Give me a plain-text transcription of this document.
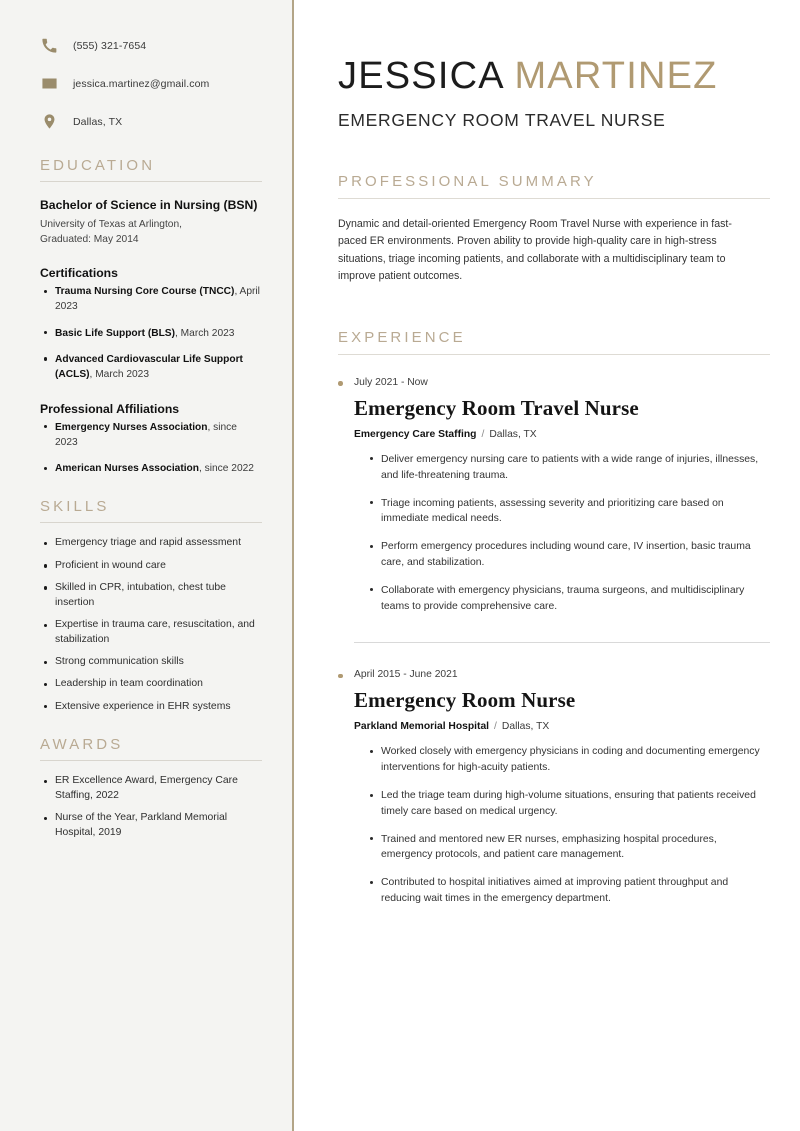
(555) 321-7654
jessica.martinez@gmail.com
Dallas, TX
EDUCATION

Bachelor of Science in Nursing (BSN)

University of Texas at Arlington,
Graduated: May 2014

Certifications
Trauma Nursing Core Course (TNCC), April 2023
Basic Life Support (BLS), March 2023
Advanced Cardiovascular Life Support (ACLS), March 2023
Professional Affiliations
Emergency Nurses Association, since 2023
American Nurses Association, since 2022
SKILLS
Emergency triage and rapid assessment
Proficient in wound care
Skilled in CPR, intubation, chest tube insertion
Expertise in trauma care, resuscitation, and stabilization
Strong communication skills
Leadership in team coordination
Extensive experience in EHR systems
AWARDS
ER Excellence Award, Emergency Care Staffing, 2022
Nurse of the Year, Parkland Memorial Hospital, 2019
JESSICA MARTINEZ

EMERGENCY ROOM TRAVEL NURSE

PROFESSIONAL SUMMARY

Dynamic and detail-oriented Emergency Room Travel Nurse with experience in fast-paced ER environments. Proven ability to provide high-quality care in high-stress situations, triage incoming patients, and collaborate with a multidisciplinary team to improve patient outcomes.

EXPERIENCE

July 2021 - Now

Emergency Room Travel Nurse

Emergency Care Staffing / Dallas, TX

Deliver emergency nursing care to patients with a wide range of injuries, illnesses, and life-threatening trauma.
Triage incoming patients, assessing severity and prioritizing care based on immediate medical needs.
Perform emergency procedures including wound care, IV insertion, basic trauma care, and stabilization.
Collaborate with emergency physicians, trauma surgeons, and multidisciplinary teams to provide comprehensive care.

April 2015 - June 2021

Emergency Room Nurse

Parkland Memorial Hospital / Dallas, TX

Worked closely with emergency physicians in coding and documenting emergency interventions for high-acuity patients.
Led the triage team during high-volume situations, ensuring that patients received timely care based on medical urgency.
Trained and mentored new ER nurses, emphasizing hospital procedures, emergency protocols, and patient care management.
Contributed to hospital initiatives aimed at improving patient throughput and reducing wait times in the emergency department.
